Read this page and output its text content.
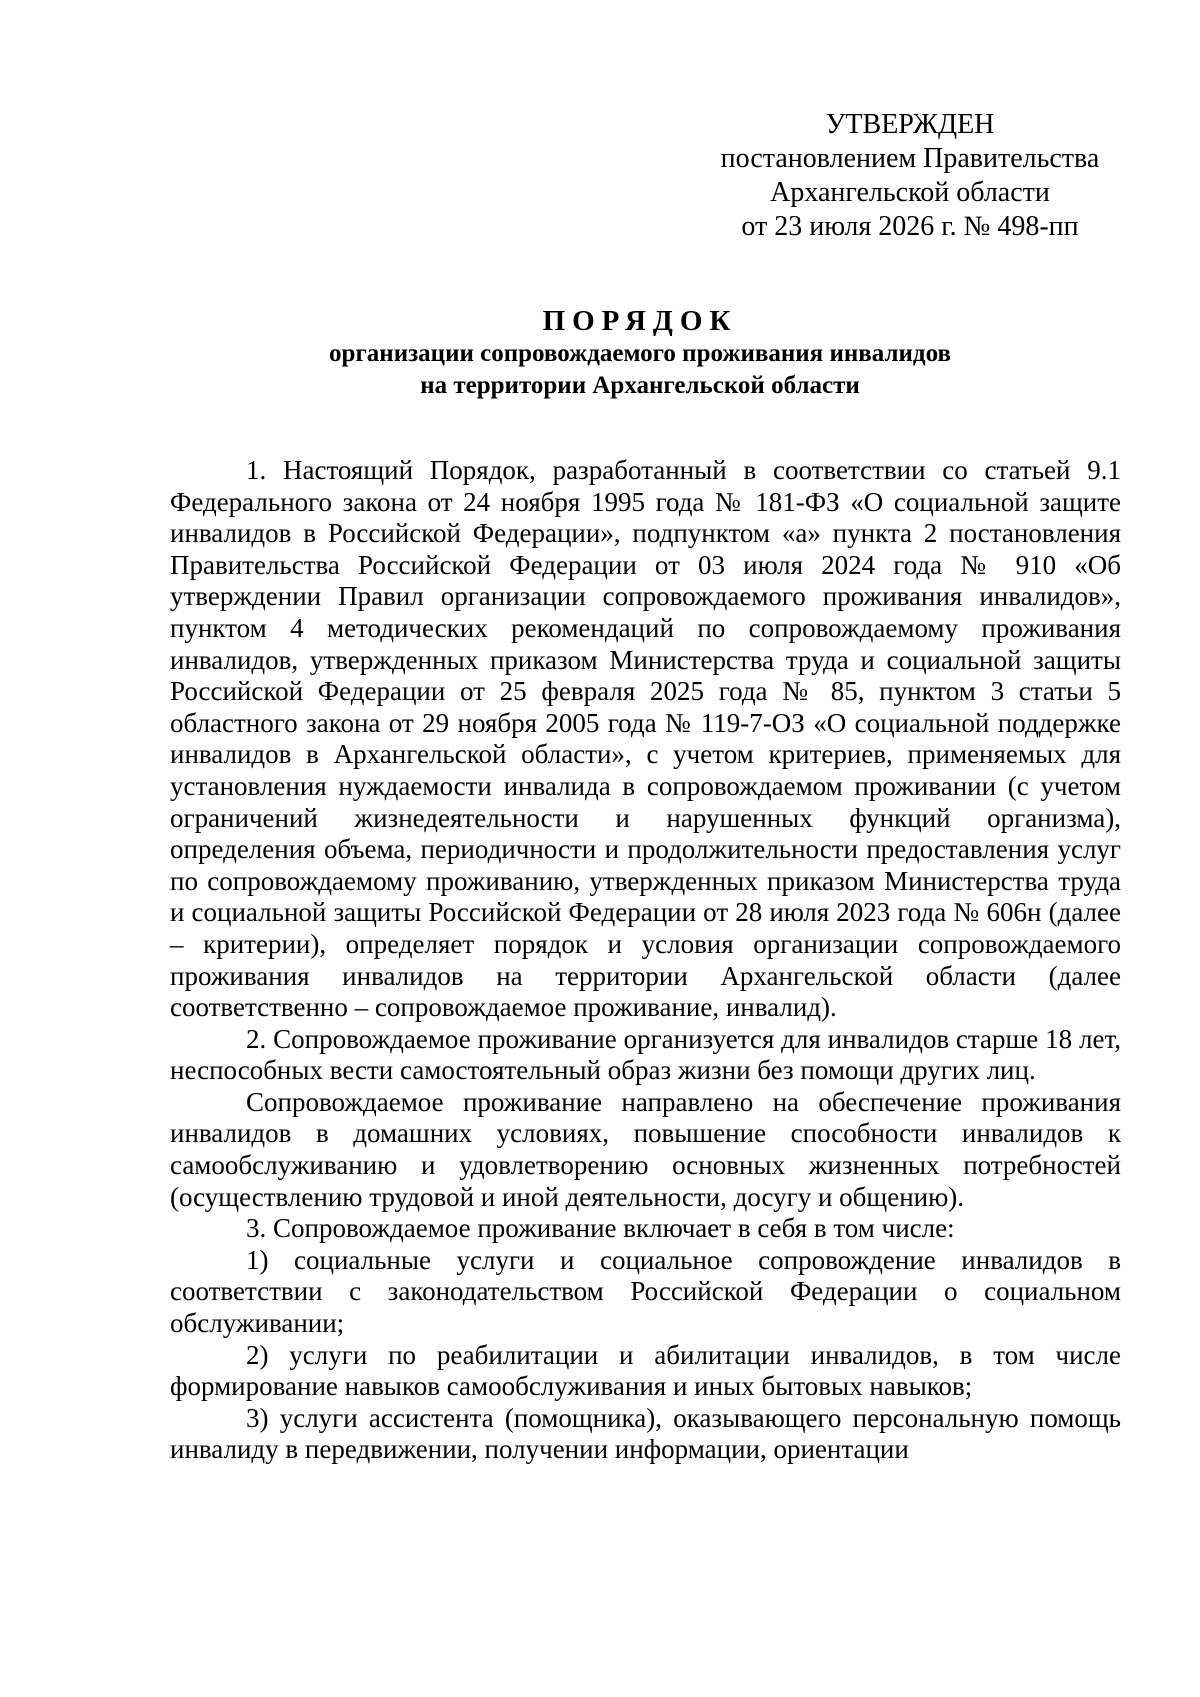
УТВЕРЖДЕН
постановлением Правительства
Архангельской области
от 23 июля 2026 г. № 498-пп
ПОРЯДОК
организации сопровождаемого проживания инвалидов
на территории Архангельской области

1. Настоящий Порядок, разработанный в соответствии со статьей 9.1 Федерального закона от 24 ноября 1995 года № 181-ФЗ «О социальной защите инвалидов в Российской Федерации», подпунктом «а» пункта 2 постановления Правительства Российской Федерации от 03 июля 2024 года № 910 «Об утверждении Правил организации сопровождаемого проживания инвалидов», пунктом 4 методических рекомендаций по сопровождаемому проживания инвалидов, утвержденных приказом Министерства труда и социальной защиты Российской Федерации от 25 февраля 2025 года № 85, пунктом 3 статьи 5 областного закона от 29 ноября 2005 года № 119-7-ОЗ «О социальной поддержке инвалидов в Архангельской области», с учетом критериев, применяемых для установления нуждаемости инвалида в сопровождаемом проживании (с учетом ограничений жизнедеятельности и нарушенных функций организма), определения объема, периодичности и продолжительности предоставления услуг по сопровождаемому проживанию, утвержденных приказом Министерства труда и социальной защиты Российской Федерации от 28 июля 2023 года № 606н (далее – критерии), определяет порядок и условия организации сопровождаемого проживания инвалидов на территории Архангельской области (далее соответственно – сопровождаемое проживание, инвалид).

2. Сопровождаемое проживание организуется для инвалидов старше 18 лет, неспособных вести самостоятельный образ жизни без помощи других лиц.

Сопровождаемое проживание направлено на обеспечение проживания инвалидов в домашних условиях, повышение способности инвалидов к самообслуживанию и удовлетворению основных жизненных потребностей (осуществлению трудовой и иной деятельности, досугу и общению).

3. Сопровождаемое проживание включает в себя в том числе:

1) социальные услуги и социальное сопровождение инвалидов в соответствии с законодательством Российской Федерации о социальном обслуживании;

2) услуги по реабилитации и абилитации инвалидов, в том числе формирование навыков самообслуживания и иных бытовых навыков;

3) услуги ассистента (помощника), оказывающего персональную помощь инвалиду в передвижении, получении информации, ориентации
